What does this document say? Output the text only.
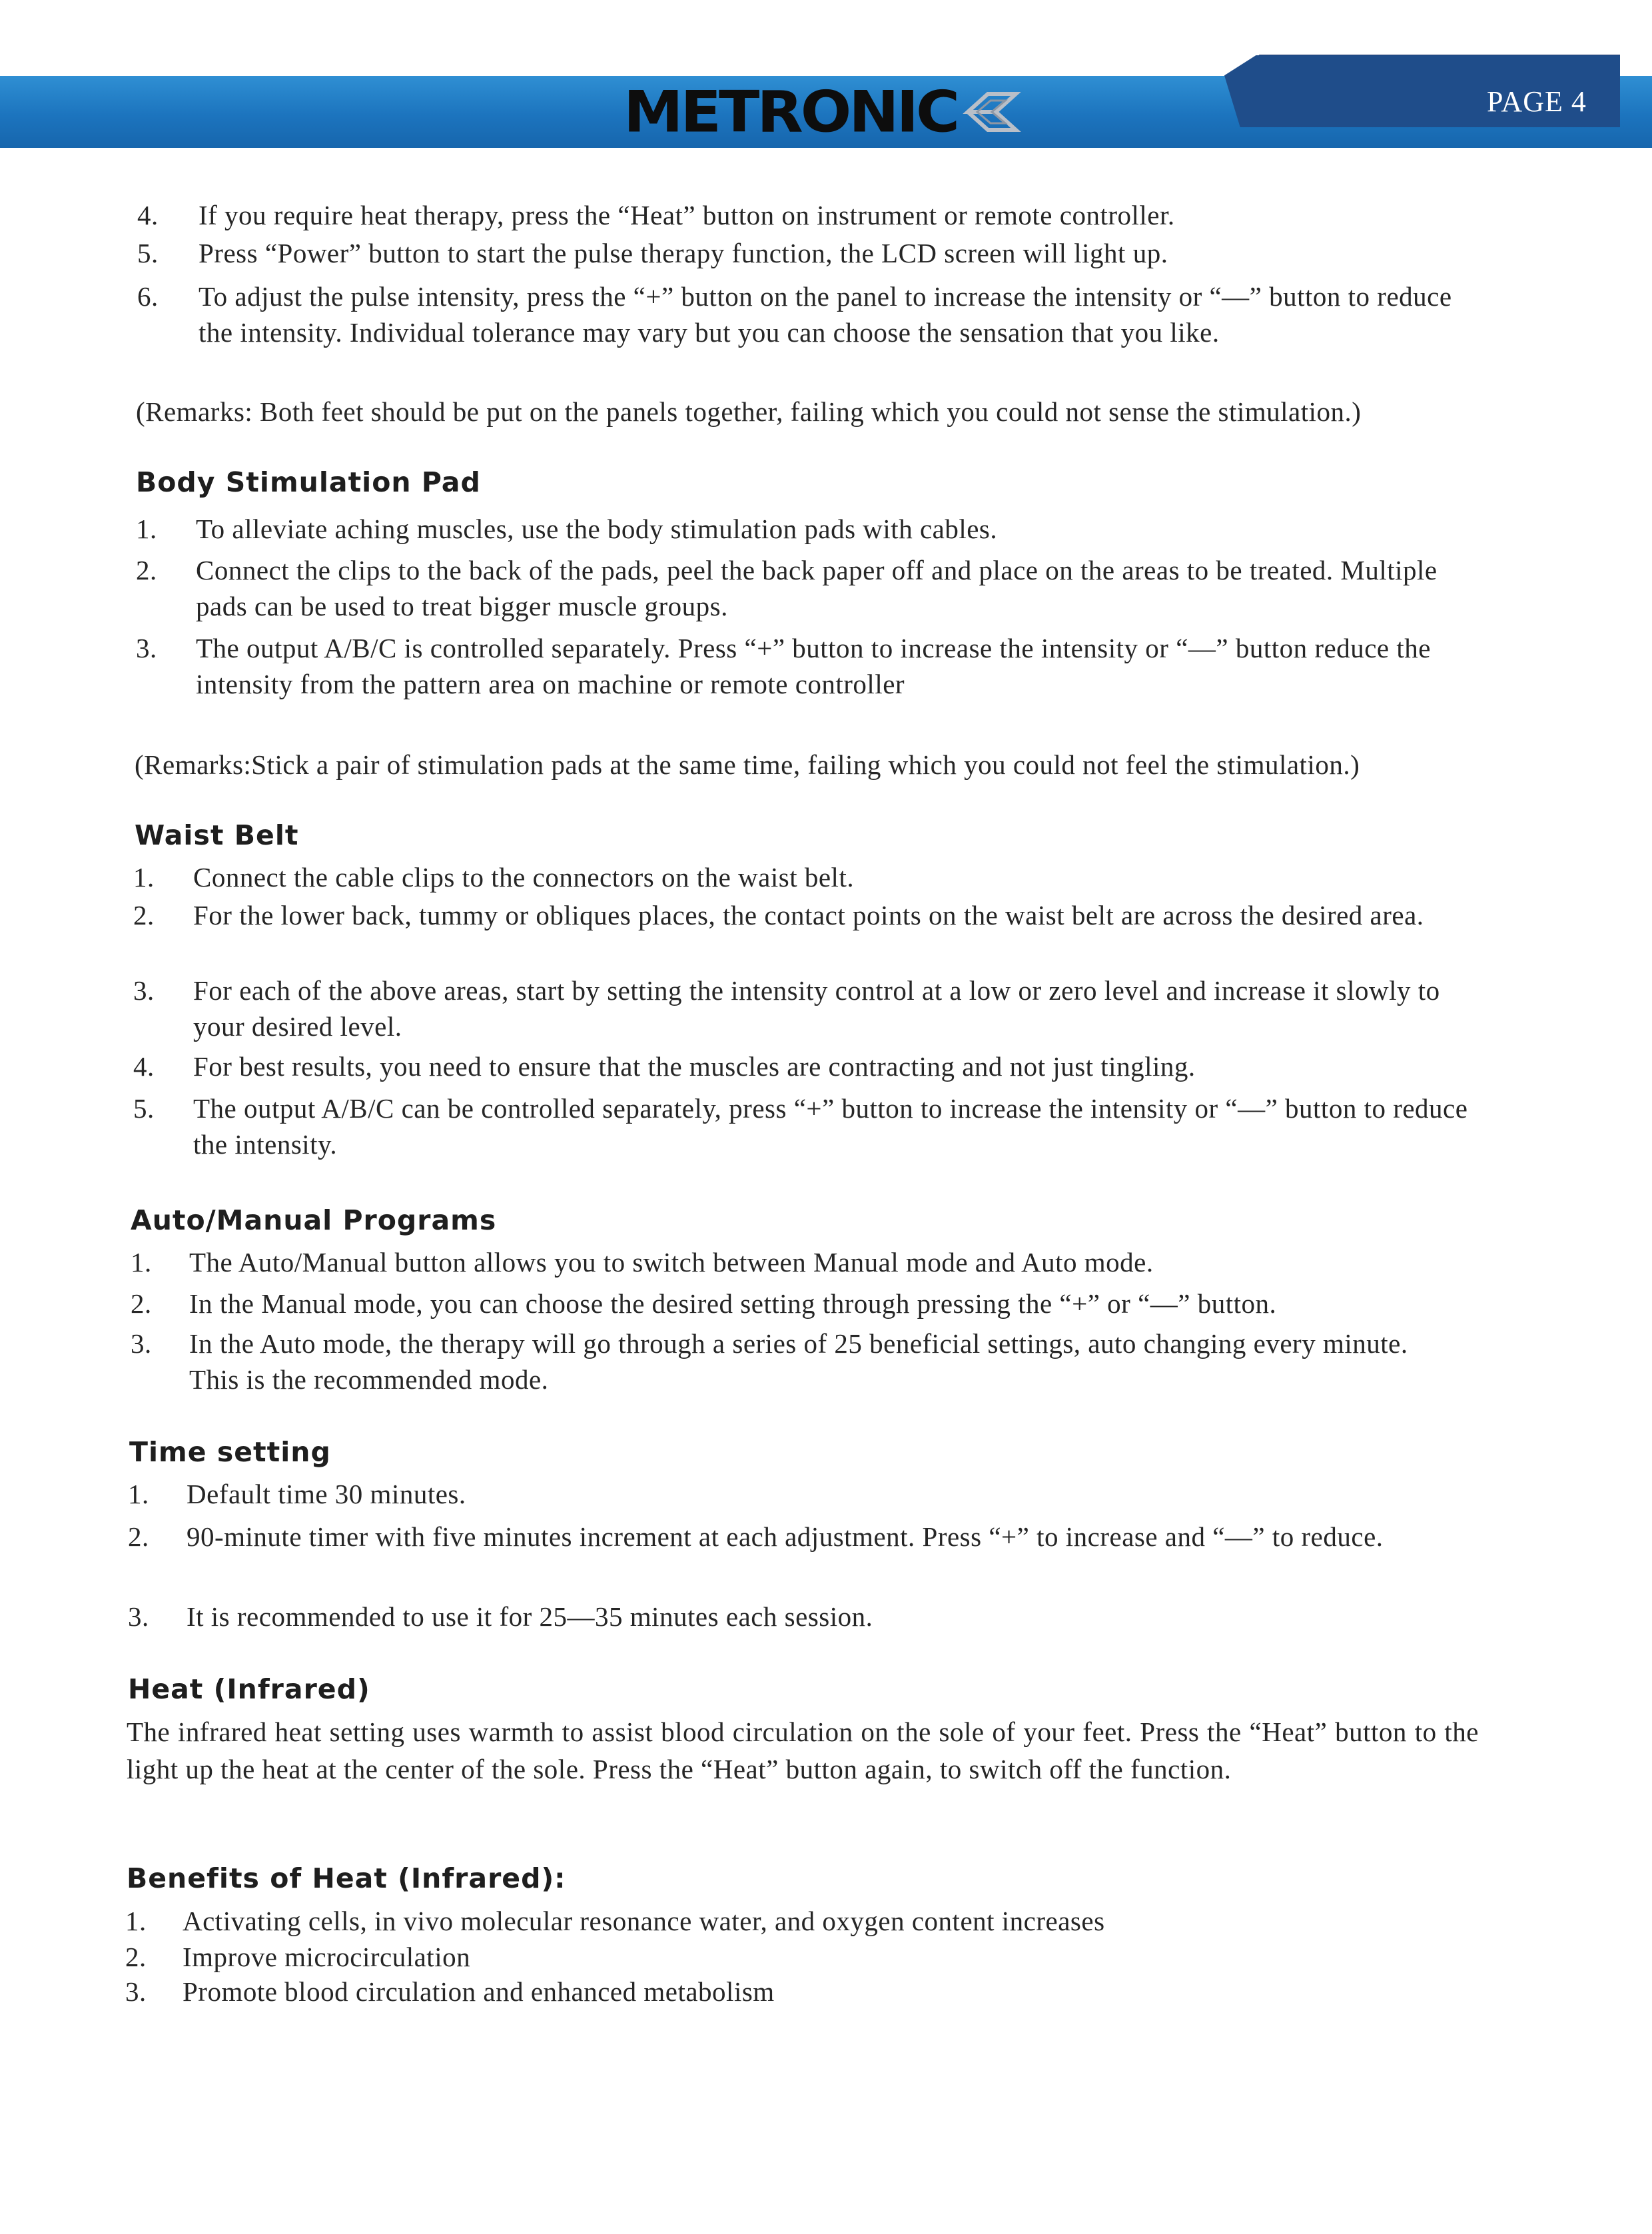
PAGE 4
METRONIC
4. If you require heat therapy, press the “Heat” button on instrument or remote controller.
5. Press “Power” button to start the pulse therapy function, the LCD screen will light up.
6. To adjust the pulse intensity, press the “+” button on the panel to increase the intensity or “—” button to reduce the intensity. Individual tolerance may vary but you can choose the sensation that you like.
(Remarks: Both feet should be put on the panels together, failing which you could not sense the stimulation.)
Body Stimulation Pad
1. To alleviate aching muscles, use the body stimulation pads with cables.
2. Connect the clips to the back of the pads, peel the back paper off and place on the areas to be treated. Multiple pads can be used to treat bigger muscle groups.
3. The output A/B/C is controlled separately. Press “+” button to increase the intensity or “—” button reduce the intensity from the pattern area on machine or remote controller
(Remarks:Stick a pair of stimulation pads at the same time, failing which you could not feel the stimulation.)
Waist Belt
1. Connect the cable clips to the connectors on the waist belt.
2. For the lower back, tummy or obliques places, the contact points on the waist belt are across the desired area.
3. For each of the above areas, start by setting the intensity control at a low or zero level and increase it slowly to your desired level.
4. For best results, you need to ensure that the muscles are contracting and not just tingling.
5. The output A/B/C can be controlled separately, press “+” button to increase the intensity or “—” button to reduce the intensity.
Auto/Manual Programs
1. The Auto/Manual button allows you to switch between Manual mode and Auto mode.
2. In the Manual mode, you can choose the desired setting through pressing the “+” or “—” button.
3. In the Auto mode, the therapy will go through a series of 25 beneficial settings, auto changing every minute. This is the recommended mode.
Time setting
1. Default time 30 minutes.
2. 90-minute timer with five minutes increment at each adjustment. Press “+” to increase and “—” to reduce.
3. It is recommended to use it for 25—35 minutes each session.
Heat (Infrared)
The infrared heat setting uses warmth to assist blood circulation on the sole of your feet. Press the “Heat” button to the light up the heat at the center of the sole. Press the “Heat” button again, to switch off the function.
Benefits of Heat (Infrared):
1. Activating cells, in vivo molecular resonance water, and oxygen content increases
2. Improve microcirculation
3. Promote blood circulation and enhanced metabolism
